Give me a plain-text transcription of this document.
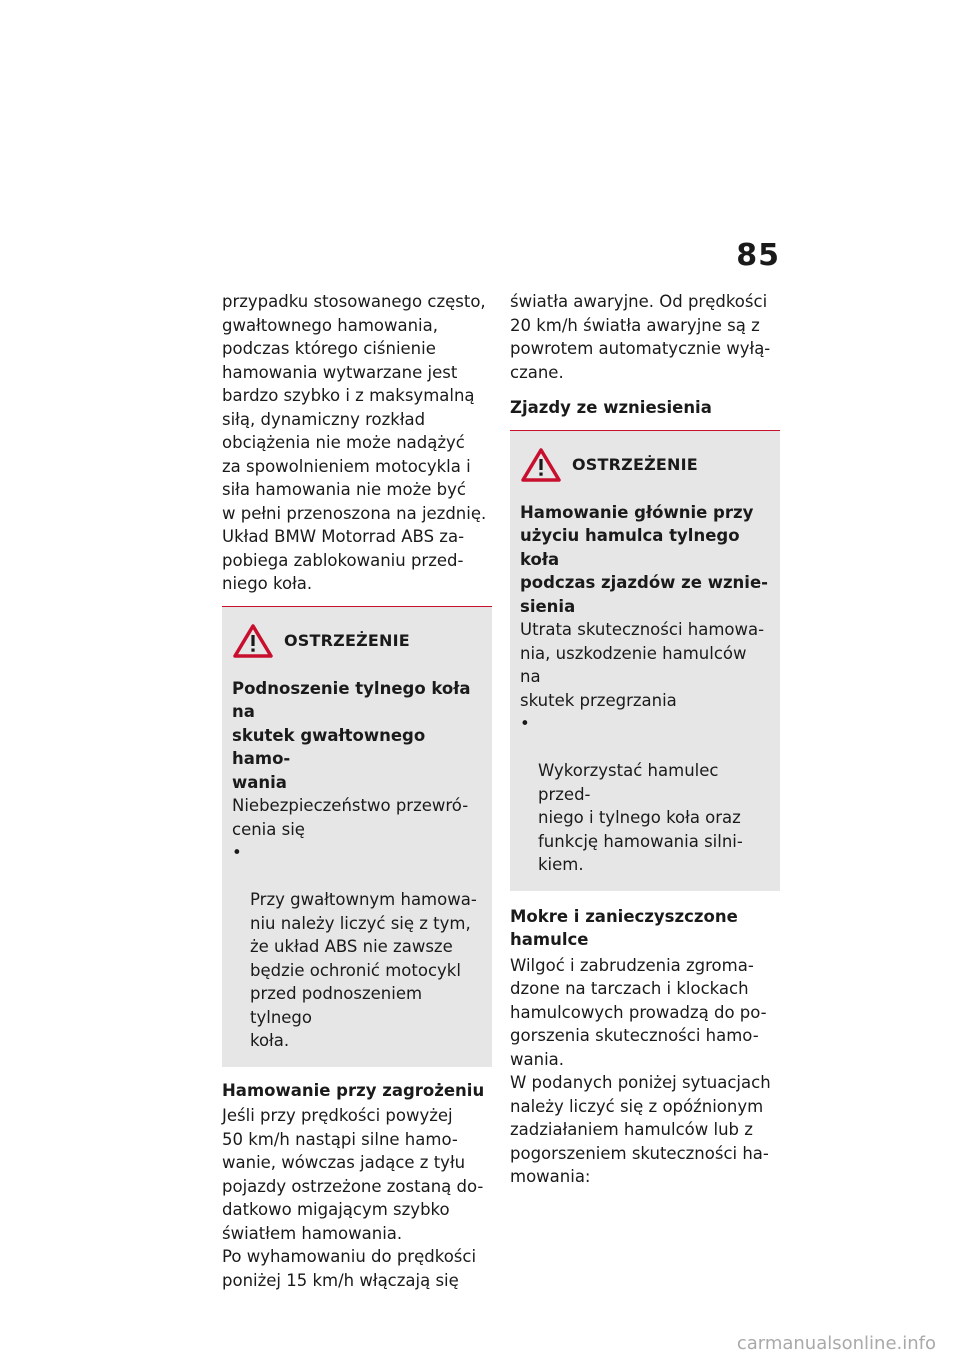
85

przypadku stosowanego często,
gwałtownego hamowania,
podczas którego ciśnienie
hamowania wytwarzane jest
bardzo szybko i z maksymalną
siłą, dynamiczny rozkład
obciążenia nie może nadążyć
za spowolnieniem motocykla i
siła hamowania nie może być
w pełni przenoszona na jezdnię.
Układ BMW Motorrad ABS za-
pobiega zablokowaniu przed-
niego koła.

OSTRZEŻENIE

Podnoszenie tylnego koła na
skutek gwałtownego hamo-
wania

Niebezpieczeństwo przewró-
cenia się

•

Przy gwałtownym hamowa-
niu należy liczyć się z tym,
że układ ABS nie zawsze
będzie ochronić motocykl
przed podnoszeniem tylnego
koła.

Hamowanie przy zagrożeniu

Jeśli przy prędkości powyżej
50 km/h nastąpi silne hamo-
wanie, wówczas jadące z tyłu
pojazdy ostrzeżone zostaną do-
datkowo migającym szybko
światłem hamowania.

Po wyhamowaniu do prędkości
poniżej 15 km/h włączają się

światła awaryjne. Od prędkości
20 km/h światła awaryjne są z
powrotem automatycznie wyłą-
czane.

Zjazdy ze wzniesienia

OSTRZEŻENIE

Hamowanie głównie przy
użyciu hamulca tylnego koła
podczas zjazdów ze wznie-
sienia

Utrata skuteczności hamowa-
nia, uszkodzenie hamulców na
skutek przegrzania

•

Wykorzystać hamulec przed-
niego i tylnego koła oraz
funkcję hamowania silni-
kiem.

Mokre i zanieczyszczone
hamulce

Wilgoć i zabrudzenia zgroma-
dzone na tarczach i klockach
hamulcowych prowadzą do po-
gorszenia skuteczności hamo-
wania.

W podanych poniżej sytuacjach
należy liczyć się z opóźnionym
zadziałaniem hamulców lub z
pogorszeniem skuteczności ha-
mowania:

carmanualsonline.info
